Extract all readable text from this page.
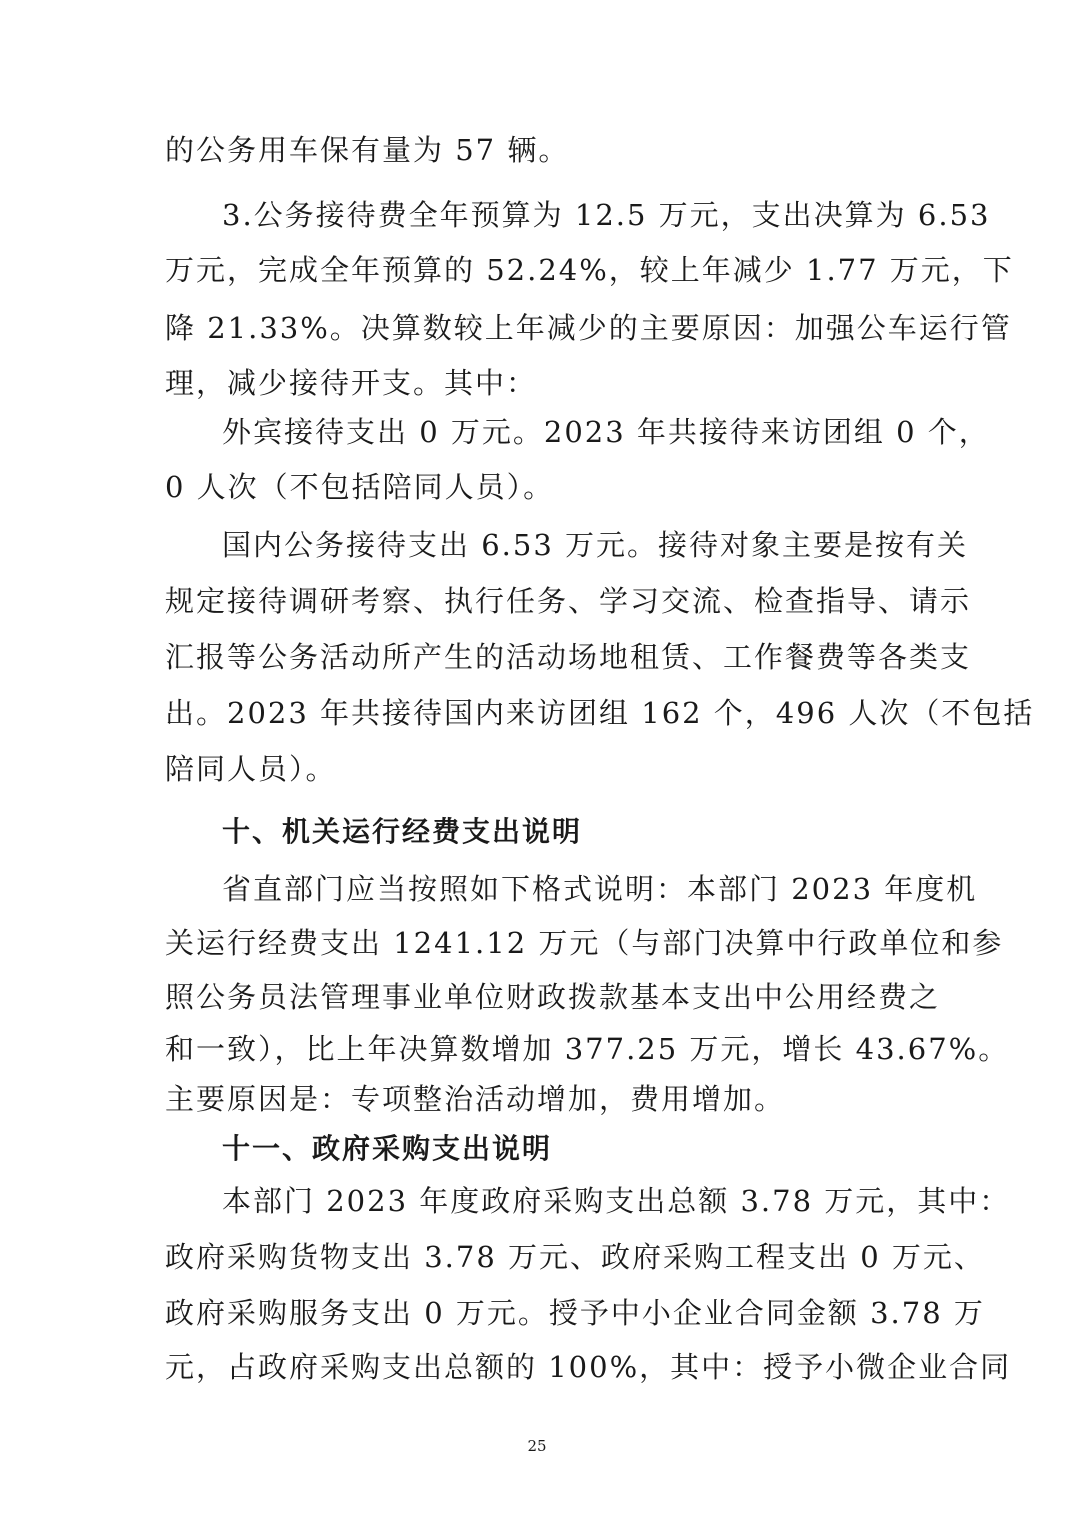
的公务用车保有量为 57 辆。
3.公务接待费全年预算为 12.5 万元，支出决算为 6.53
万元，完成全年预算的 52.24%，较上年减少 1.77 万元，下
降 21.33%。决算数较上年减少的主要原因：加强公车运行管
理，减少接待开支。其中：
外宾接待支出 0 万元。2023 年共接待来访团组 0 个，
0 人次（不包括陪同人员）。
国内公务接待支出 6.53 万元。接待对象主要是按有关
规定接待调研考察、执行任务、学习交流、检查指导、请示
汇报等公务活动所产生的活动场地租赁、工作餐费等各类支
出。2023 年共接待国内来访团组 162 个，496 人次（不包括
陪同人员）。
十、机关运行经费支出说明
省直部门应当按照如下格式说明：本部门 2023 年度机
关运行经费支出 1241.12 万元（与部门决算中行政单位和参
照公务员法管理事业单位财政拨款基本支出中公用经费之
和一致），比上年决算数增加 377.25 万元，增长 43.67%。
主要原因是：专项整治活动增加，费用增加。
十一、政府采购支出说明
本部门 2023 年度政府采购支出总额 3.78 万元，其中：
政府采购货物支出 3.78 万元、政府采购工程支出 0 万元、
政府采购服务支出 0 万元。授予中小企业合同金额 3.78 万
元，占政府采购支出总额的 100%，其中：授予小微企业合同
25
